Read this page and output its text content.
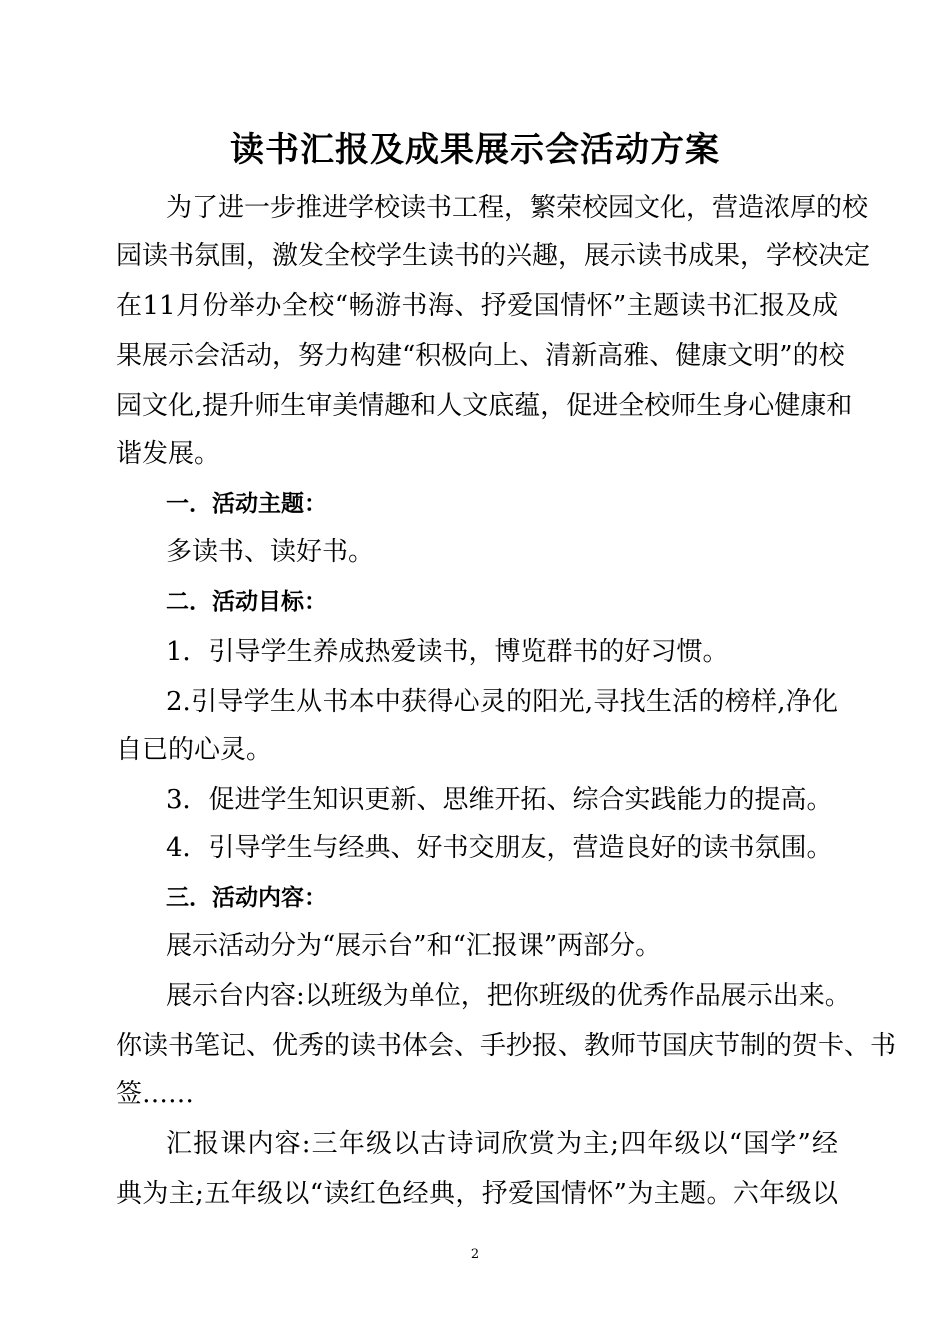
读书汇报及成果展示会活动方案
为了进一步推进学校读书工程，繁荣校园文化，营造浓厚的校
园读书氛围，激发全校学生读书的兴趣，展示读书成果，学校决定
在11月份举办全校“畅游书海、抒爱国情怀”主题读书汇报及成
果展示会活动，努力构建“积极向上、清新高雅、健康文明”的校
园文化,提升师生审美情趣和人文底蕴，促进全校师生身心健康和
谐发展。
一．活动主题：
多读书、读好书。
二．活动目标：
1．引导学生养成热爱读书，博览群书的好习惯。
2.引导学生从书本中获得心灵的阳光,寻找生活的榜样,净化
自已的心灵。
3．促进学生知识更新、思维开拓、综合实践能力的提高。
4．引导学生与经典、好书交朋友，营造良好的读书氛围。
三．活动内容：
展示活动分为“展示台”和“汇报课”两部分。
展示台内容:以班级为单位，把你班级的优秀作品展示出来。
你读书笔记、优秀的读书体会、手抄报、教师节国庆节制的贺卡、书
签……
汇报课内容:三年级以古诗词欣赏为主;四年级以“国学”经
典为主;五年级以“读红色经典，抒爱国情怀”为主题。六年级以
2
